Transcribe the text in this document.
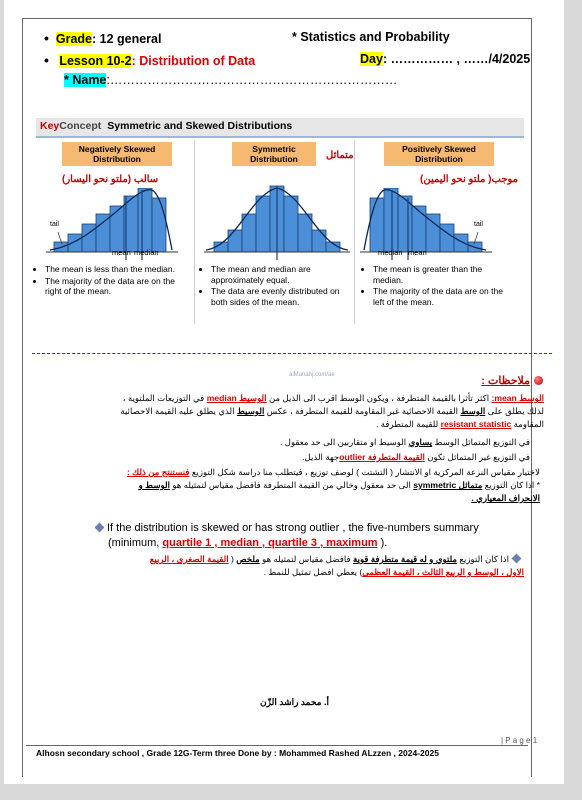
• Grade: 12 general	* Statistics and Probability
• Lesson 10-2: Distribution of Data	Day: …………… , ……/4/2025
* Name:……………………………………………………………
KeyConcept Symmetric and Skewed Distributions
Negatively Skewed Distribution
سالب (ملتو نحو اليسار)
tail
mean median
• The mean is less than the median.
• The majority of the data are on the right of the mean.
Symmetric Distribution	متماثل
• The mean and median are approximately equal.
• The data are evenly distributed on both sides of the mean.
Positively Skewed Distribution
موجب( ملتو نحو اليمين)
tail
median mean
• The mean is greater than the median.
• The majority of the data are on the left of the mean.
alManahj.com/ae	ملاحظات :
الوسط mean: اكثر تأثرا بالقيمة المتطرفة ، ويكون الوسط اقرب الى الذيل من الوسيط median في التوزيعات الملتوية ،
لذلك يطلق على الوسط القيمة الاحصائية غير المقاومة للقيمة المتطرفة ، عكس الوسيط الذي يطلق عليه القيمة الاحصائية
المقاومة resistant statistic للقيمة المتطرفة .
في التوزيع المتماثل الوسط يساوي الوسيط او متقاربين الى حد معقول .
في التوزيع غير المتماثل تكون القيمة المتطرفة outlierجهة الذيل.
لاختيار مقياس النزعة المركزية او الانتشار ( التشتت ) لوصف توزيع ، فيتطلب منا دراسة شكل التوزيع فنستنتج من ذلك :
* اذا كان التوزيع متماثل symmetric الى حد معقول وخالي من القيمة المتطرفة فافضل مقياس لتمثيله هو الوسط و
الانحراف المعياري .
If the distribution is skewed or has strong outlier , the five-numbers summary
(minimum, quartile 1 , median , quartile 3 , maximum ).
اذا كان التوزيع ملتوي و له قيمة متطرفة قوية فافضل مقياس لتمثيله هو ملخص ( القيمة الصغرى ، الربيع
الاول ، الوسط و الربيع الثالث ، القيمة العظمى) يعطي افضل تمثيل للنمط .
أ. محمد راشد الزّن
| P a g e 1
Alhosn secondary school , Grade 12G-Term three Done by : Mohammed Rashed ALzzen , 2024-2025
